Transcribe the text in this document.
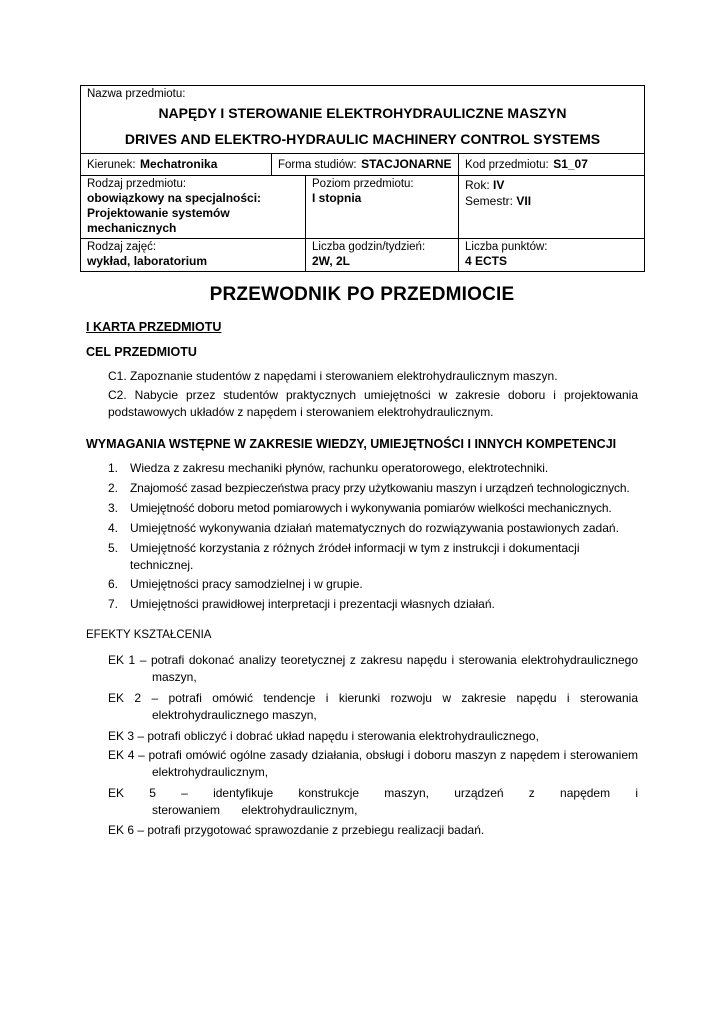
Nazwa przedmiotu:
NAPĘDY I STEROWANIE ELEKTROHYDRAULICZNE MASZYN
DRIVES AND ELEKTRO-HYDRAULIC MACHINERY CONTROL SYSTEMS
Kierunek: Mechatronika	Forma studiów: STACJONARNE	Kod przedmiotu: S1_07
Rodzaj przedmiotu:
obowiązkowy na specjalności: Projektowanie systemów mechanicznych
Poziom przedmiotu:
I stopnia
Rok: IV
Semestr: VII
Rodzaj zajęć:
wykład, laboratorium
Liczba godzin/tydzień:
2W, 2L
Liczba punktów:
4 ECTS
PRZEWODNIK PO PRZEDMIOCIE
I KARTA PRZEDMIOTU
CEL PRZEDMIOTU
C1. Zapoznanie studentów z napędami i sterowaniem elektrohydraulicznym maszyn.
C2. Nabycie przez studentów praktycznych umiejętności w zakresie doboru i projektowania podstawowych układów z napędem i sterowaniem elektrohydraulicznym.
WYMAGANIA WSTĘPNE W ZAKRESIE WIEDZY, UMIEJĘTNOŚCI I INNYCH KOMPETENCJI
1. Wiedza z zakresu mechaniki płynów, rachunku operatorowego, elektrotechniki.
2. Znajomość zasad bezpieczeństwa pracy przy użytkowaniu maszyn i urządzeń technologicznych.
3. Umiejętność doboru metod pomiarowych i wykonywania pomiarów wielkości mechanicznych.
4. Umiejętność wykonywania działań matematycznych do rozwiązywania postawionych zadań.
5. Umiejętność korzystania z różnych źródeł informacji w tym z instrukcji i dokumentacji technicznej.
6. Umiejętności pracy samodzielnej i w grupie.
7. Umiejętności prawidłowej interpretacji i prezentacji własnych działań.
EFEKTY KSZTAŁCENIA
EK 1 – potrafi dokonać analizy teoretycznej z zakresu napędu i sterowania elektrohydraulicznego maszyn,
EK 2 – potrafi omówić tendencje i kierunki rozwoju w zakresie napędu i sterowania elektrohydraulicznego maszyn,
EK 3 – potrafi obliczyć i dobrać układ napędu i sterowania elektrohydraulicznego,
EK 4 – potrafi omówić ogólne zasady działania, obsługi i doboru maszyn z napędem i sterowaniem elektrohydraulicznym,
EK 5 – identyfikuje konstrukcje maszyn, urządzeń z napędem i sterowaniem elektrohydraulicznym,
EK 6 – potrafi przygotować sprawozdanie z przebiegu realizacji badań.
